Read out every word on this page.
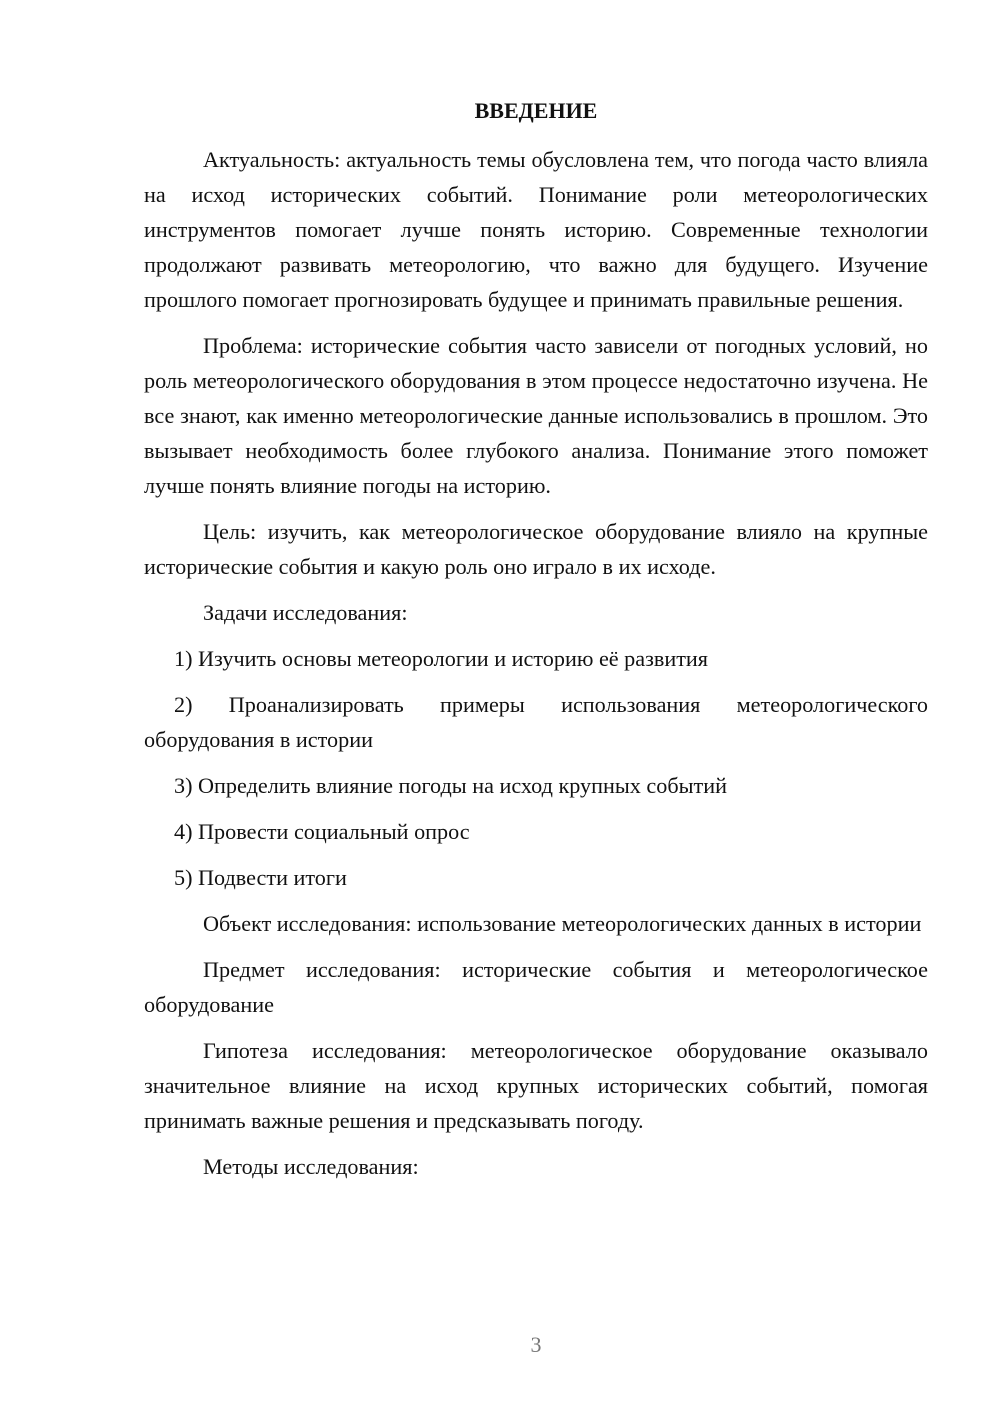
ВВЕДЕНИЕ
Актуальность: актуальность темы обусловлена тем, что погода часто влияла на исход исторических событий. Понимание роли метеорологических инструментов помогает лучше понять историю. Современные технологии продолжают развивать метеорологию, что важно для будущего. Изучение прошлого помогает прогнозировать будущее и принимать правильные решения.
Проблема: исторические события часто зависели от погодных условий, но роль метеорологического оборудования в этом процессе недостаточно изучена. Не все знают, как именно метеорологические данные использовались в прошлом. Это вызывает необходимость более глубокого анализа. Понимание этого поможет лучше понять влияние погоды на историю.
Цель: изучить, как метеорологическое оборудование влияло на крупные исторические события и какую роль оно играло в их исходе.
Задачи исследования:
1) Изучить основы метеорологии и историю её развития
2) Проанализировать примеры использования метеорологического оборудования в истории
3) Определить влияние погоды на исход крупных событий
4) Провести социальный опрос
5) Подвести итоги
Объект исследования: использование метеорологических данных в истории
Предмет исследования: исторические события и метеорологическое оборудование
Гипотеза исследования: метеорологическое оборудование оказывало значительное влияние на исход крупных исторических событий, помогая принимать важные решения и предсказывать погоду.
Методы исследования:
3
